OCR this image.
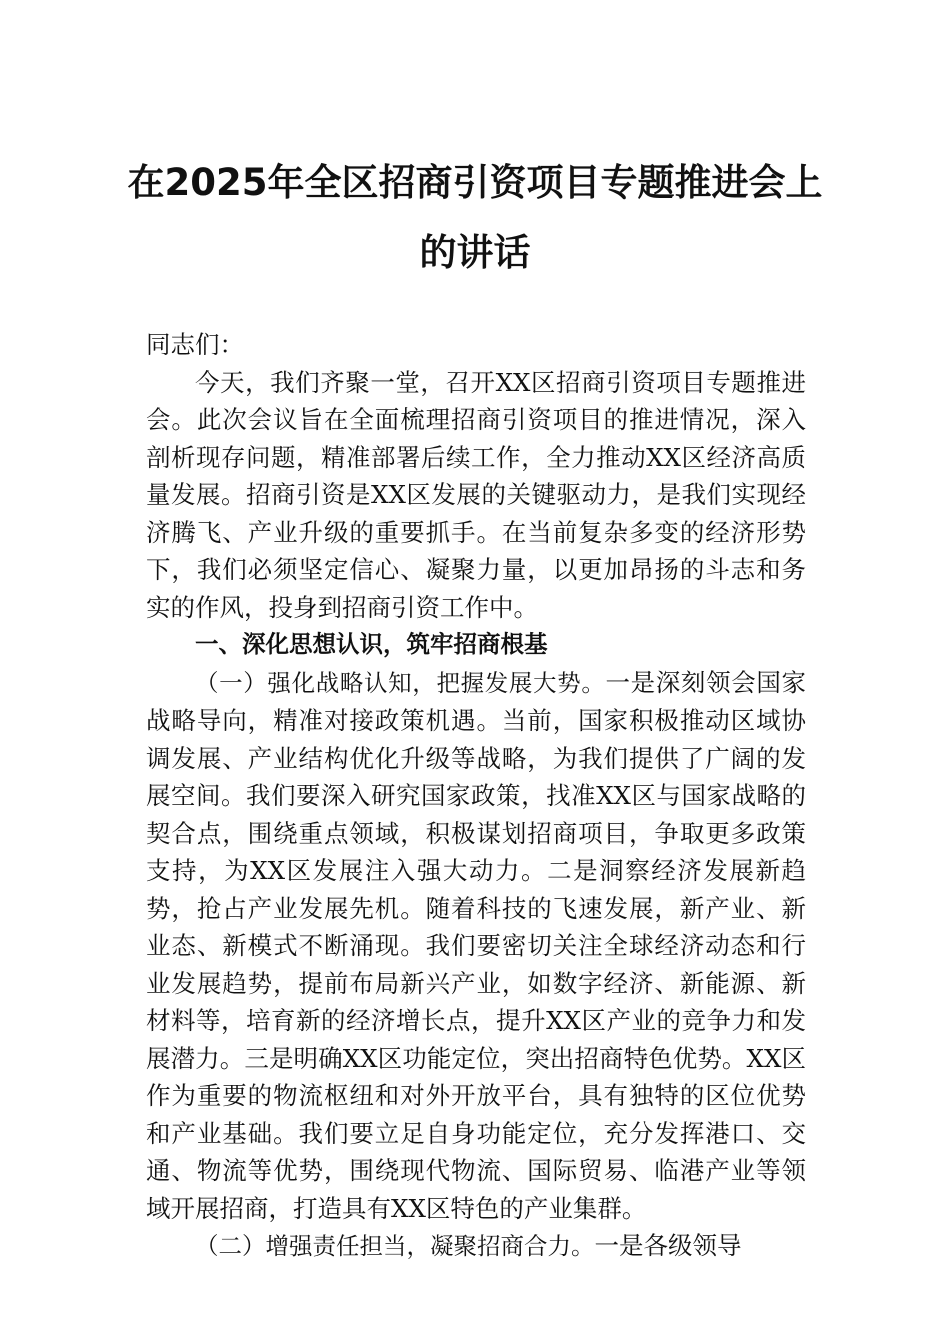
在2025年全区招商引资项目专题推进会上
的讲话

同志们：

今天，我们齐聚一堂，召开XX区招商引资项目专题推进会。此次会议旨在全面梳理招商引资项目的推进情况，深入剖析现存问题，精准部署后续工作，全力推动XX区经济高质量发展。招商引资是XX区发展的关键驱动力，是我们实现经济腾飞、产业升级的重要抓手。在当前复杂多变的经济形势下，我们必须坚定信心、凝聚力量，以更加昂扬的斗志和务实的作风，投身到招商引资工作中。

一、深化思想认识，筑牢招商根基

（一）强化战略认知，把握发展大势。一是深刻领会国家战略导向，精准对接政策机遇。当前，国家积极推动区域协调发展、产业结构优化升级等战略，为我们提供了广阔的发展空间。我们要深入研究国家政策，找准XX区与国家战略的契合点，围绕重点领域，积极谋划招商项目，争取更多政策支持，为XX区发展注入强大动力。二是洞察经济发展新趋势，抢占产业发展先机。随着科技的飞速发展，新产业、新业态、新模式不断涌现。我们要密切关注全球经济动态和行业发展趋势，提前布局新兴产业，如数字经济、新能源、新材料等，培育新的经济增长点，提升XX区产业的竞争力和发展潜力。三是明确XX区功能定位，突出招商特色优势。XX区作为重要的物流枢纽和对外开放平台，具有独特的区位优势和产业基础。我们要立足自身功能定位，充分发挥港口、交通、物流等优势，围绕现代物流、国际贸易、临港产业等领域开展招商，打造具有XX区特色的产业集群。

（二）增强责任担当，凝聚招商合力。一是各级领导
